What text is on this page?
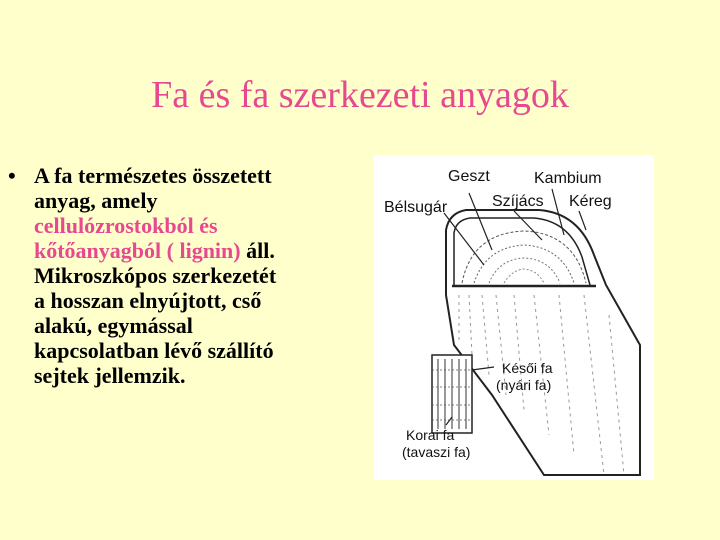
Fa és fa szerkezeti anyagok
• A fa természetes összetett
anyag, amely
cellulózrostokból és
kőtőanyagból ( lignin) áll.
Mikroszkópos szerkezetét
a hosszan elnyújtott, cső
alakú, egymással
kapcsolatban lévő szállító
sejtek jellemzik.
Geszt	Kambium
Bélsugár	Szíjács Kéreg
Késői fa
(nyári fa)
Korai fa
(tavaszi fa)
